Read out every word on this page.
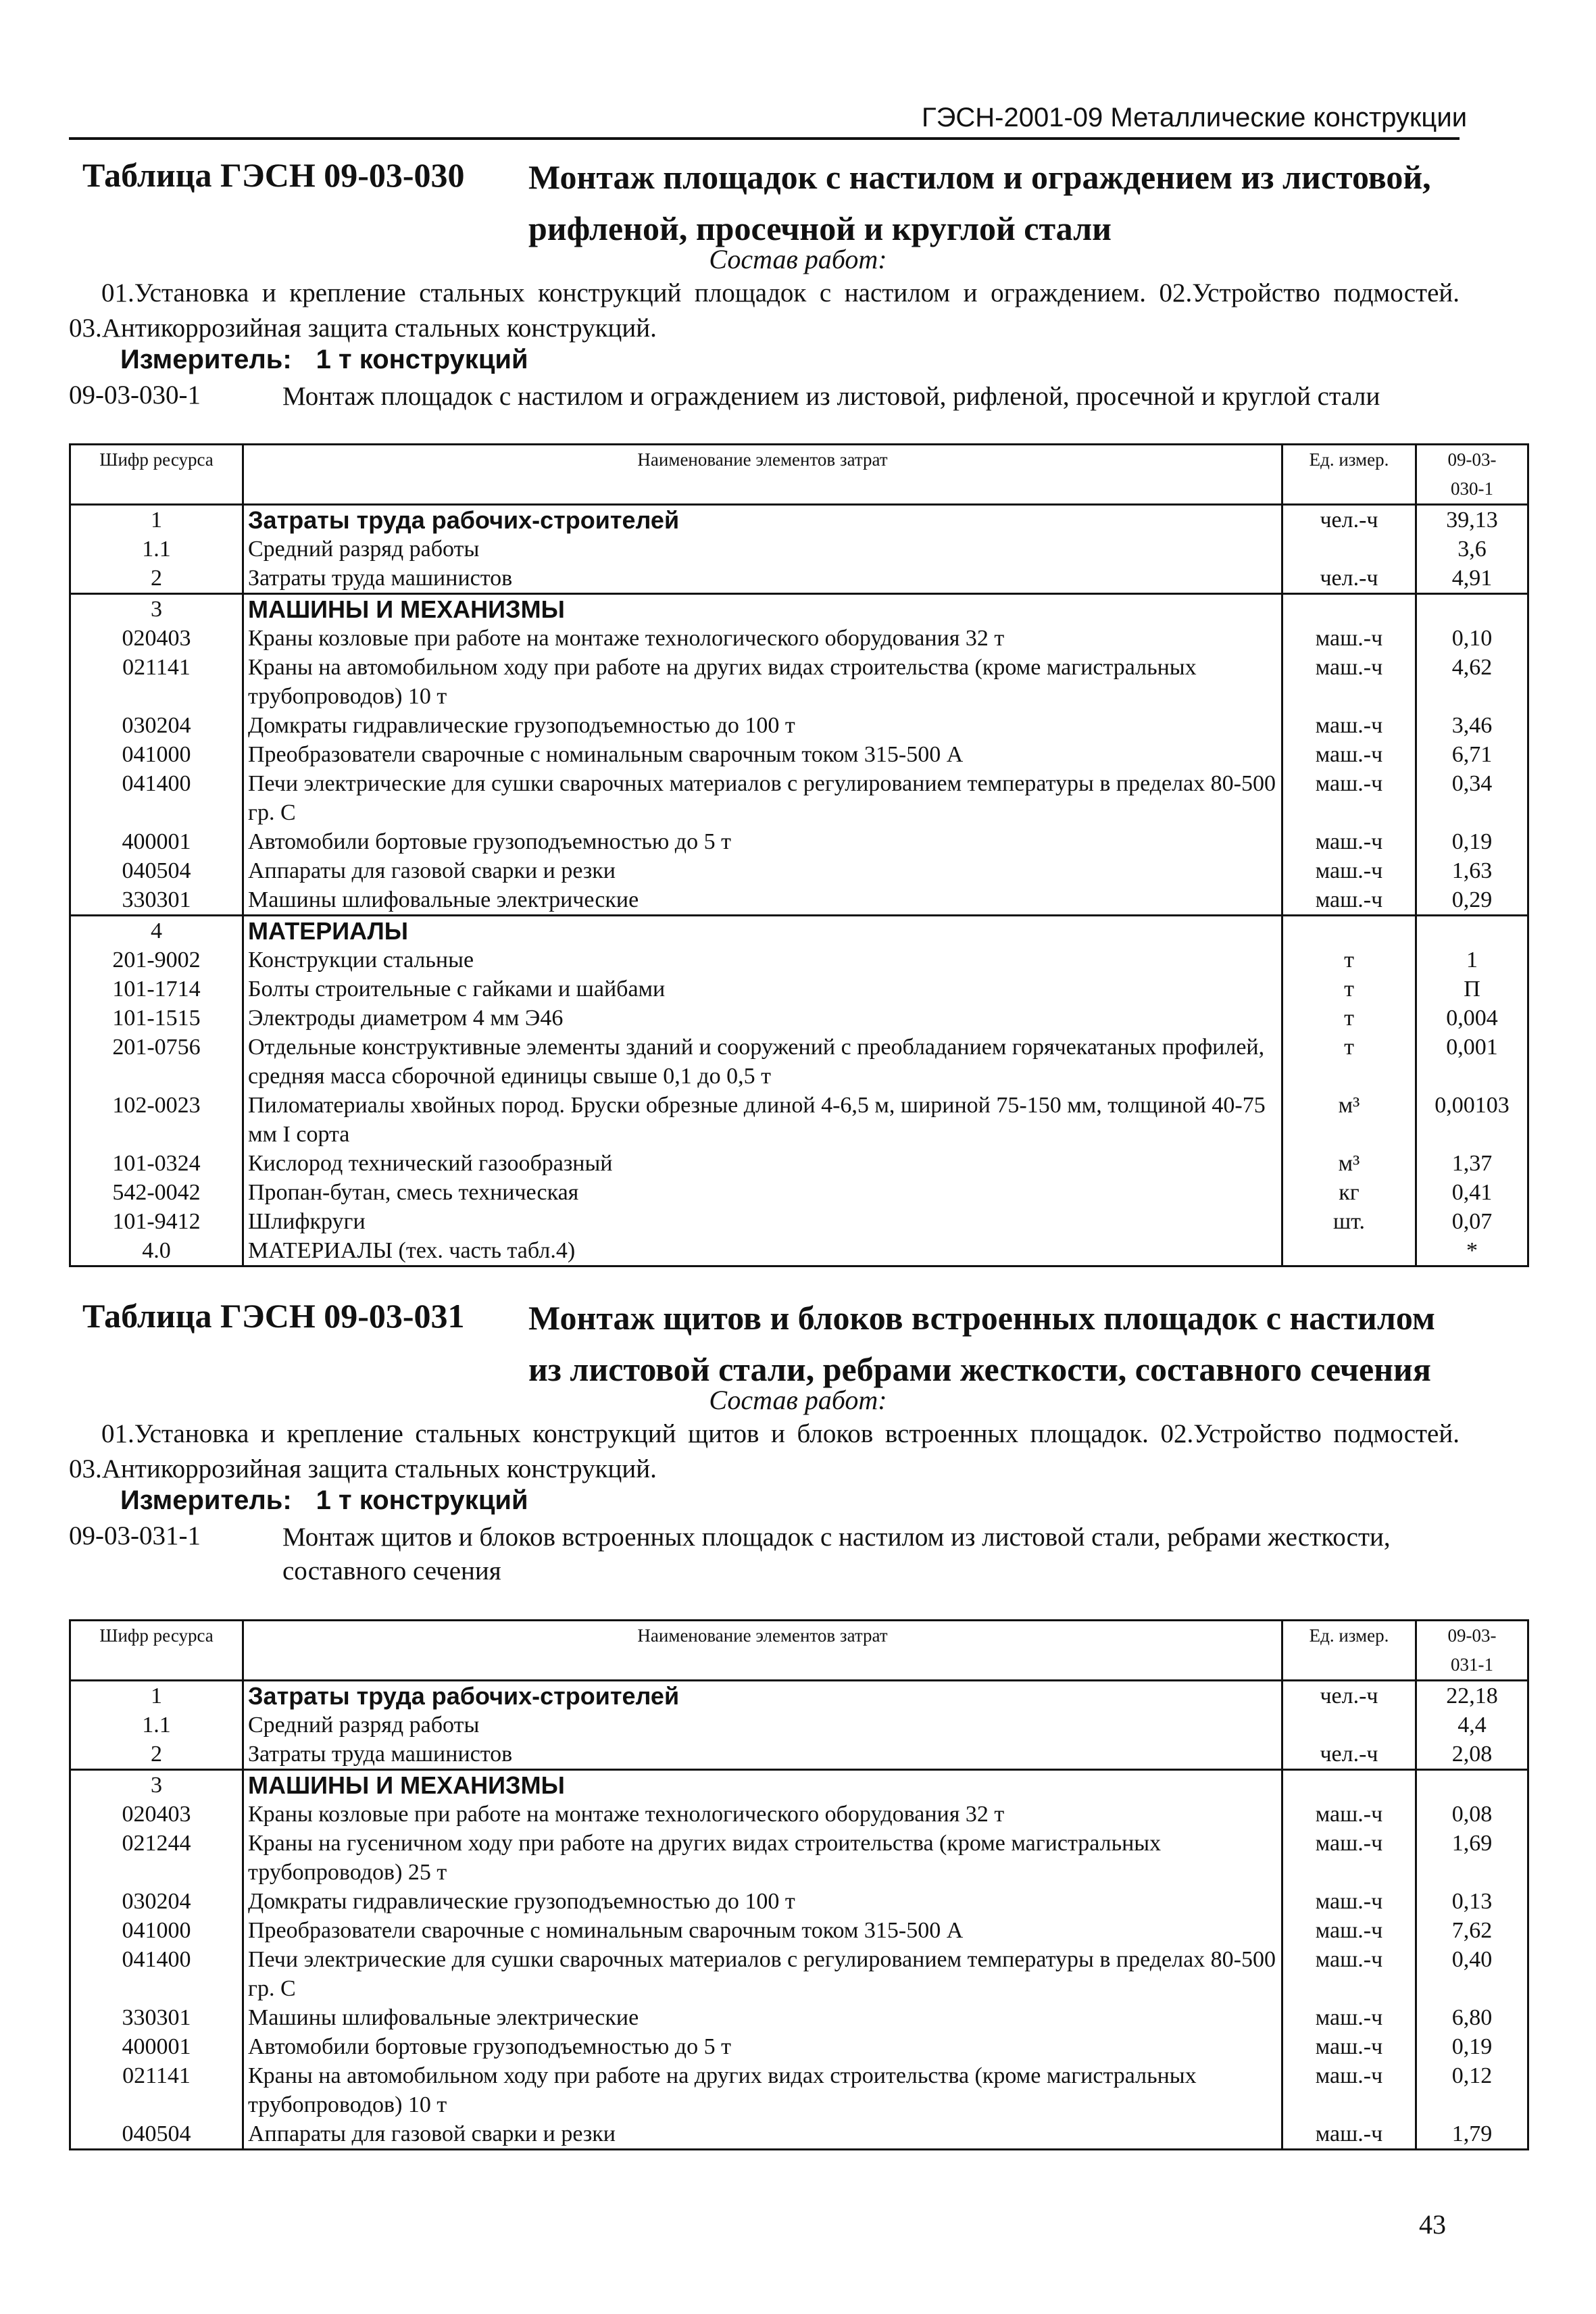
ГЭСН-2001-09 Металлические конструкции
Таблица ГЭСН 09-03-030 Монтаж площадок с настилом и ограждением из листовой,
рифленой, просечной и круглой стали
Состав работ:
01.Установка и крепление стальных конструкций площадок с настилом и ограждением. 02.Устройство подмостей. 03.Антикоррозийная защита стальных конструкций.
Измеритель: 1 т конструкций
09-03-030-1	Монтаж площадок с настилом и ограждением из листовой, рифленой, просечной и круглой стали
Шифр ресурса	Наименование элементов затрат	Ед. измер.	09-03-
030-1

1	Затраты труда рабочих-строителей	чел.-ч	39,13
1.1	Средний разряд работы		3,6
2	Затраты труда машинистов	чел.-ч	4,91
3	МАШИНЫ И МЕХАНИЗМЫ		
020403	Краны козловые при работе на монтаже технологического оборудования 32 т	маш.-ч	0,10
021141	Краны на автомобильном ходу при работе на других видах строительства (кроме магистральных трубопроводов) 10 т	маш.-ч	4,62
030204	Домкраты гидравлические грузоподъемностью до 100 т	маш.-ч	3,46
041000	Преобразователи сварочные с номинальным сварочным током 315-500 А	маш.-ч	6,71
041400	Печи электрические для сушки сварочных материалов с регулированием температуры в пределах 80-500 гр. С	маш.-ч	0,34
400001	Автомобили бортовые грузоподъемностью до 5 т	маш.-ч	0,19
040504	Аппараты для газовой сварки и резки	маш.-ч	1,63
330301	Машины шлифовальные электрические	маш.-ч	0,29
4	МАТЕРИАЛЫ		
201-9002	Конструкции стальные	т	1
101-1714	Болты строительные с гайками и шайбами	т	П
101-1515	Электроды диаметром 4 мм Э46	т	0,004
201-0756	Отдельные конструктивные элементы зданий и сооружений с преобладанием горячекатаных профилей, средняя масса сборочной единицы свыше 0,1 до 0,5 т	т	0,001
102-0023	Пиломатериалы хвойных пород. Бруски обрезные длиной 4-6,5 м, шириной 75-150 мм, толщиной 40-75 мм I сорта	м³	0,00103
101-0324	Кислород технический газообразный	м³	1,37
542-0042	Пропан-бутан, смесь техническая	кг	0,41
101-9412	Шлифкруги	шт.	0,07
4.0	МАТЕРИАЛЫ (тех. часть табл.4)		*
Таблица ГЭСН 09-03-031 Монтаж щитов и блоков встроенных площадок с настилом
из листовой стали, ребрами жесткости, составного сечения
Состав работ:
01.Установка и крепление стальных конструкций щитов и блоков встроенных площадок. 02.Устройство подмостей. 03.Антикоррозийная защита стальных конструкций.
Измеритель: 1 т конструкций
09-03-031-1	Монтаж щитов и блоков встроенных площадок с настилом из листовой стали, ребрами жесткости, составного сечения
Шифр ресурса	Наименование элементов затрат	Ед. измер.	09-03-
031-1

1	Затраты труда рабочих-строителей	чел.-ч	22,18
1.1	Средний разряд работы		4,4
2	Затраты труда машинистов	чел.-ч	2,08
3	МАШИНЫ И МЕХАНИЗМЫ		
020403	Краны козловые при работе на монтаже технологического оборудования 32 т	маш.-ч	0,08
021244	Краны на гусеничном ходу при работе на других видах строительства (кроме магистральных трубопроводов) 25 т	маш.-ч	1,69
030204	Домкраты гидравлические грузоподъемностью до 100 т	маш.-ч	0,13
041000	Преобразователи сварочные с номинальным сварочным током 315-500 А	маш.-ч	7,62
041400	Печи электрические для сушки сварочных материалов с регулированием температуры в пределах 80-500 гр. С	маш.-ч	0,40
330301	Машины шлифовальные электрические	маш.-ч	6,80
400001	Автомобили бортовые грузоподъемностью до 5 т	маш.-ч	0,19
021141	Краны на автомобильном ходу при работе на других видах строительства (кроме магистральных трубопроводов) 10 т	маш.-ч	0,12
040504	Аппараты для газовой сварки и резки	маш.-ч	1,79
43
